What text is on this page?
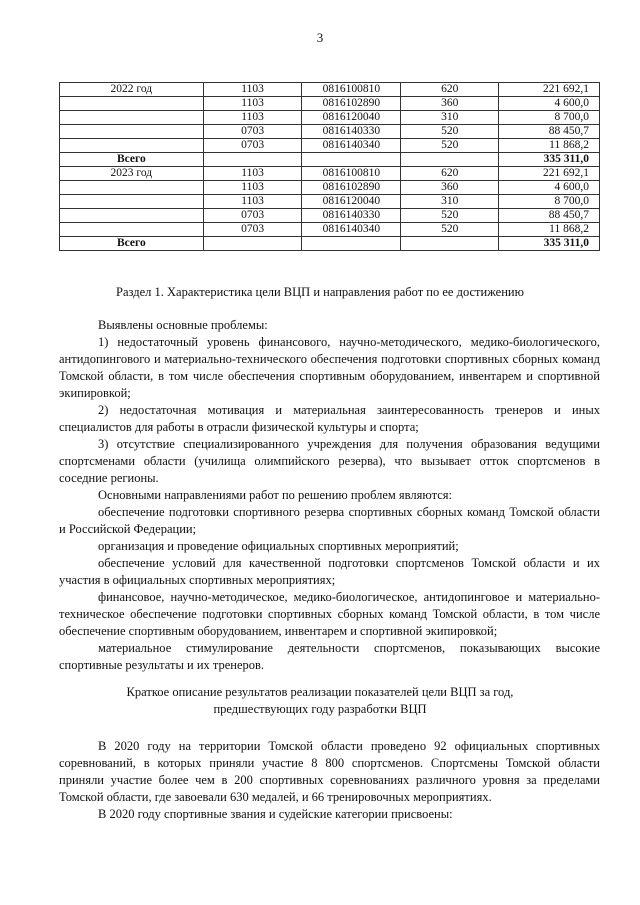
3
2022 год	1103	0816100810	620	221 692,1
	1103	0816102890	360	4 600,0
	1103	0816120040	310	8 700,0
	0703	0816140330	520	88 450,7
	0703	0816140340	520	11 868,2
Всего				335 311,0
2023 год	1103	0816100810	620	221 692,1
	1103	0816102890	360	4 600,0
	1103	0816120040	310	8 700,0
	0703	0816140330	520	88 450,7
	0703	0816140340	520	11 868,2
Всего				335 311,0
Раздел 1. Характеристика цели ВЦП и направления работ по ее достижению

Выявлены основные проблемы:

1) недостаточный уровень финансового, научно-методического, медико-биологического, антидопингового и материально-технического обеспечения подготовки спортивных сборных команд Томской области, в том числе обеспечения спортивным оборудованием, инвентарем и спортивной экипировкой;

2) недостаточная мотивация и материальная заинтересованность тренеров и иных специалистов для работы в отрасли физической культуры и спорта;

3) отсутствие специализированного учреждения для получения образования ведущими спортсменами области (училища олимпийского резерва), что вызывает отток спортсменов в соседние регионы.

Основными направлениями работ по решению проблем являются:

обеспечение подготовки спортивного резерва спортивных сборных команд Томской области и Российской Федерации;

организация и проведение официальных спортивных мероприятий;

обеспечение условий для качественной подготовки спортсменов Томской области и их участия в официальных спортивных мероприятиях;

финансовое, научно-методическое, медико-биологическое, антидопинговое и материально-техническое обеспечение подготовки спортивных сборных команд Томской области, в том числе обеспечение спортивным оборудованием, инвентарем и спортивной экипировкой;

материальное стимулирование деятельности спортсменов, показывающих высокие спортивные результаты и их тренеров.

Краткое описание результатов реализации показателей цели ВЦП за год,
предшествующих году разработки ВЦП

В 2020 году на территории Томской области проведено 92 официальных спортивных соревнований, в которых приняли участие 8 800 спортсменов. Спортсмены Томской области приняли участие более чем в 200 спортивных соревнованиях различного уровня за пределами Томской области, где завоевали 630 медалей, и 66 тренировочных мероприятиях.

В 2020 году спортивные звания и судейские категории присвоены:
